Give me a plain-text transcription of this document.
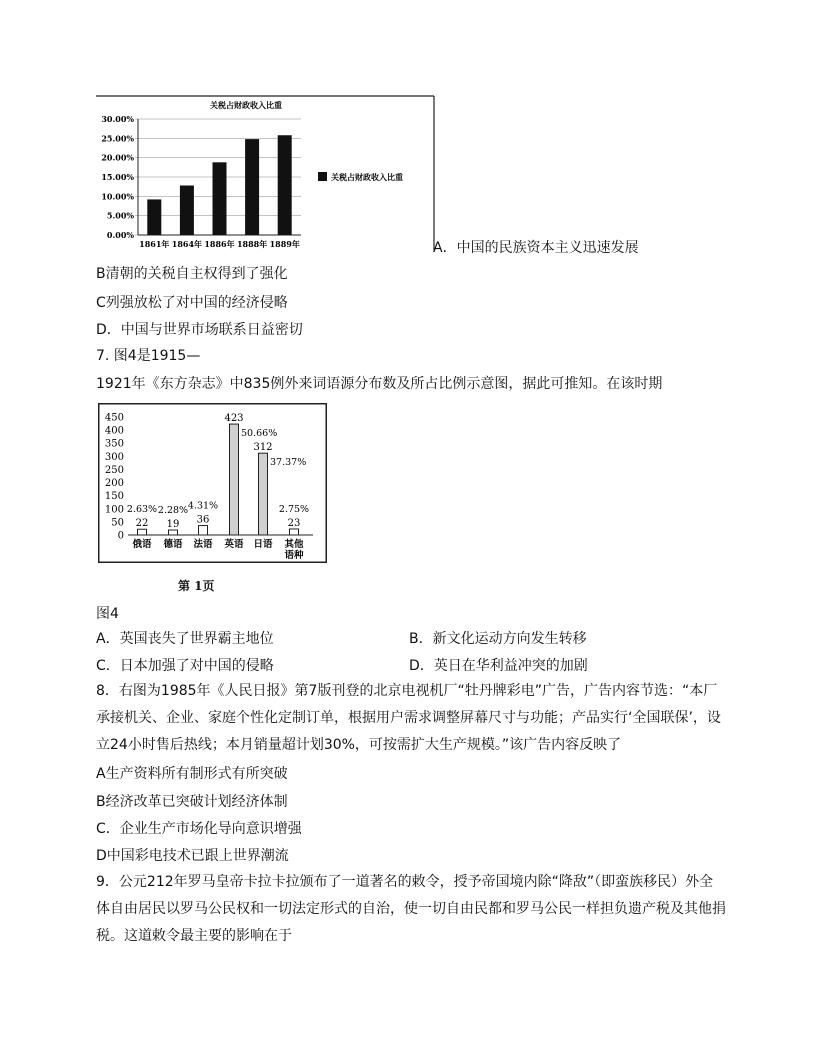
关税占财政收入比重
30.00%
25.00%
20.00%
15.00%
10.00%
5.00%
0.00%
1861年 1864年 1886年 1888年 1889年
关税占财政收入比重
A．中国的民族资本主义迅速发展
B清朝的关税自主权得到了强化
C列强放松了对中国的经济侵略
D．中国与世界市场联系日益密切
7. 图4是1915—
1921年《东方杂志》中835例外来词语源分布数及所占比例示意图，据此可推知。在该时期
450
400
350
300
250
200
150
100
50
0
22
2.63%
俄语
19
2.28%
德语
36
4.31%
法语
423
50.66%
英语
312
37.37%
日语
23
2.75%
其他
语种
第 1页
图4
A．英国丧失了世界霸主地位	B．新文化运动方向发生转移
C．日本加强了对中国的侵略	D．英日在华利益冲突的加剧
8．右图为1985年《人民日报》第7版刊登的北京电视机厂“牡丹牌彩电”广告，广告内容节选：“本厂承接机关、企业、家庭个性化定制订单，根据用户需求调整屏幕尺寸与功能；产品实行‘全国联保’，设立24小时售后热线；本月销量超计划30%，可按需扩大生产规模。”该广告内容反映了
A生产资料所有制形式有所突破
B经济改革已突破计划经济体制
C．企业生产市场化导向意识增强
D中国彩电技术已跟上世界潮流
9．公元212年罗马皇帝卡拉卡拉颁布了一道著名的敕令，授予帝国境内除“降敌”（即蛮族移民）外全体自由居民以罗马公民权和一切法定形式的自治，使一切自由民都和罗马公民一样担负遗产税及其他捐税。这道敕令最主要的影响在于
